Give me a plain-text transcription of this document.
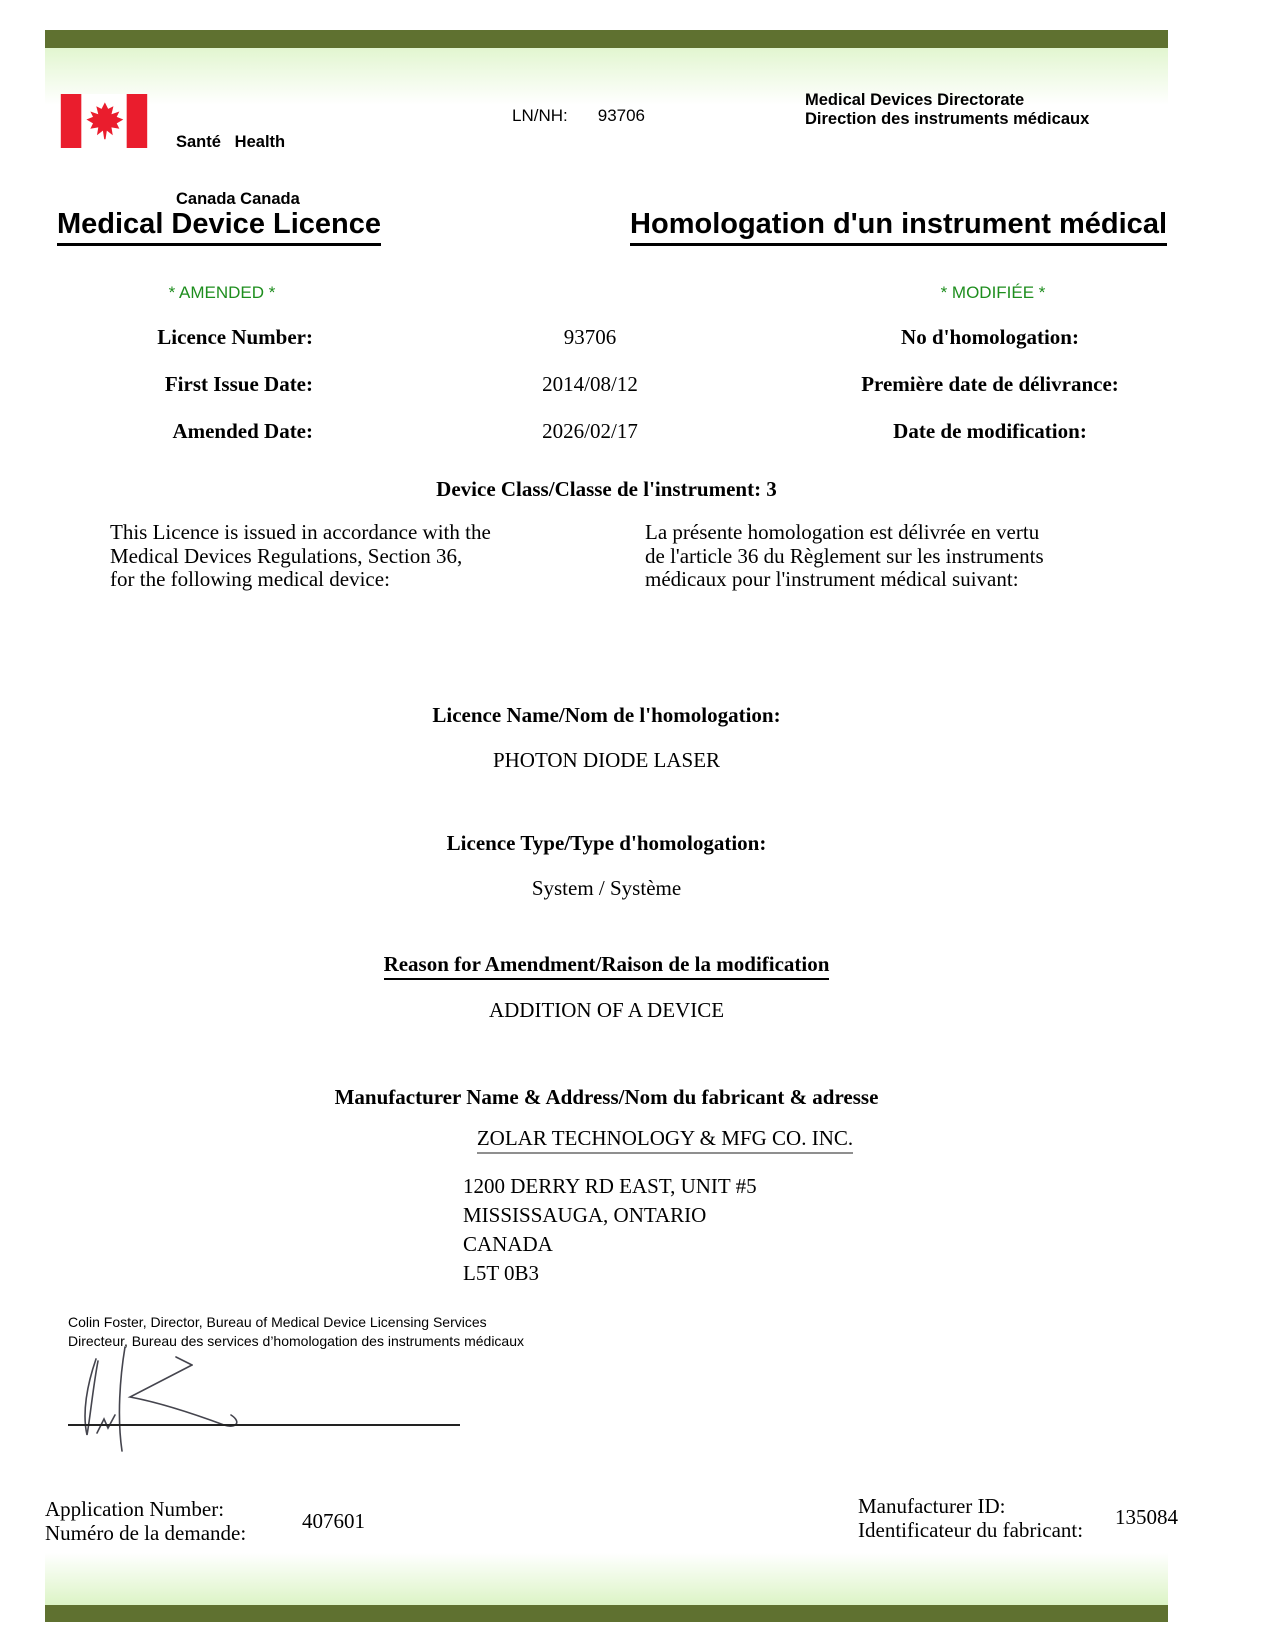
Santé   Health

Canada Canada

LN/NH: 93706
Medical Devices Directorate
Direction des instruments médicaux
Medical Device Licence	Homologation d'un instrument médical
* AMENDED *	* MODIFIÉE *
Licence Number:	93706	No d'homologation:
First Issue Date:	2014/08/12	Première date de délivrance:
Amended Date:	2026/02/17	Date de modification:
Device Class/Classe de l'instrument: 3
This Licence is issued in accordance with the
Medical Devices Regulations, Section 36,
for the following medical device:
La présente homologation est délivrée en vertu
de l'article 36 du Règlement sur les instruments
médicaux pour l'instrument médical suivant:
Licence Name/Nom de l'homologation:
PHOTON DIODE LASER
Licence Type/Type d'homologation:
System / Système
Reason for Amendment/Raison de la modification
ADDITION OF A DEVICE
Manufacturer Name & Address/Nom du fabricant & adresse
ZOLAR TECHNOLOGY & MFG CO. INC.
1200 DERRY RD EAST, UNIT #5
MISSISSAUGA, ONTARIO
CANADA
L5T 0B3
Colin Foster, Director, Bureau of Medical Device Licensing Services
Directeur, Bureau des services d’homologation des instruments médicaux
Application Number:
Numéro de la demande:	407601
Manufacturer ID:
Identificateur du fabricant:
135084
